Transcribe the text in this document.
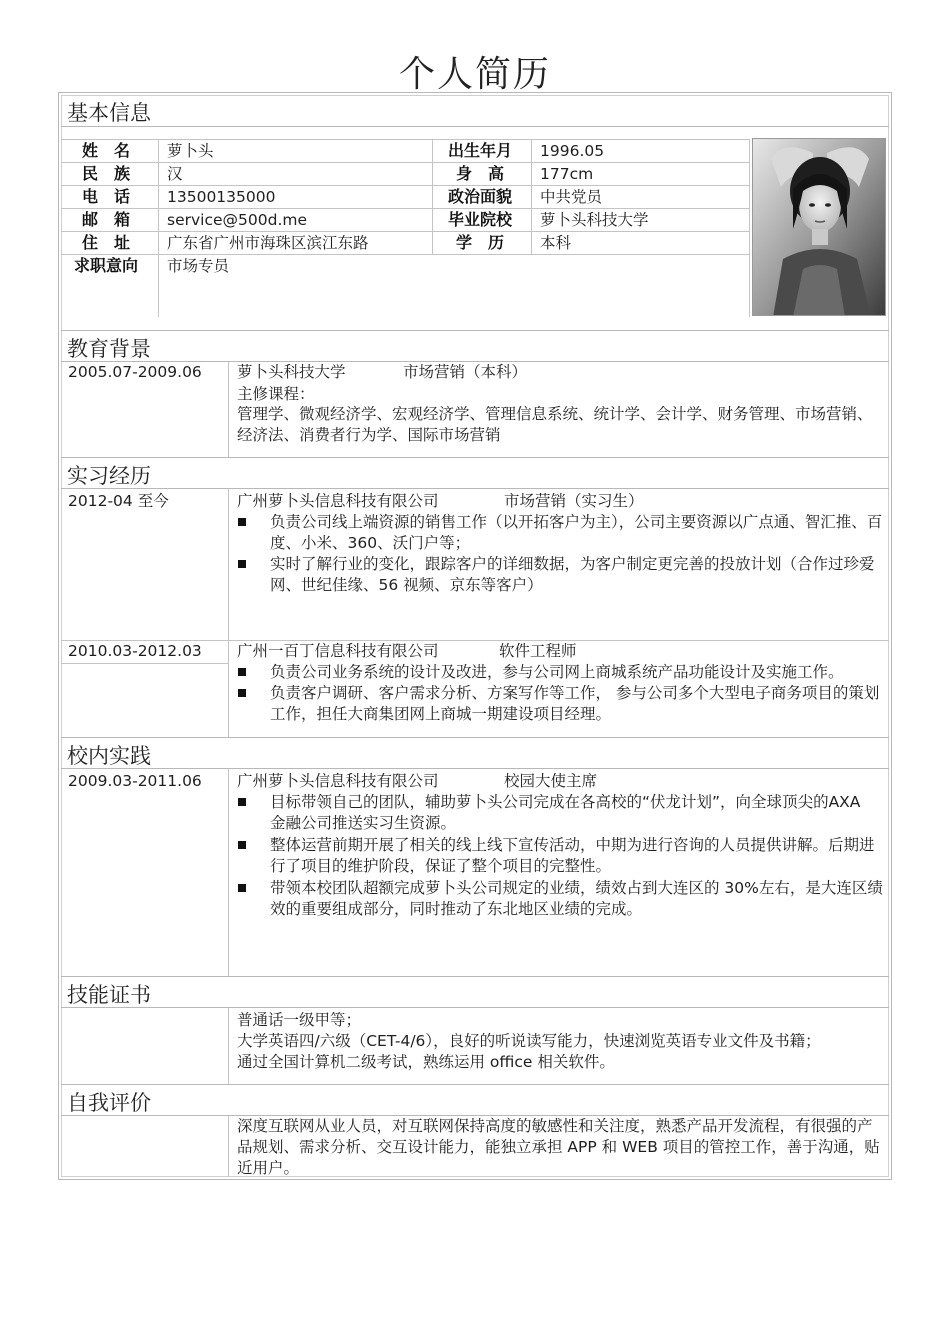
个人简历
基本信息
姓　名 萝卜头	出生年月 1996.05
民　族 汉	身　高 177cm
电　话 13500135000	政治面貌 中共党员
邮　箱 service@500d.me	毕业院校 萝卜头科技大学
住　址 广东省广州市海珠区滨江东路	学　历 本科
求职意向 市场专员
教育背景
2005.07-2009.06 萝卜头科技大学	市场营销（本科）
主修课程：
管理学、微观经济学、宏观经济学、管理信息系统、统计学、会计学、财务管理、市场营销、经济法、消费者行为学、国际市场营销
实习经历
2012-04 至今	广州萝卜头信息科技有限公司	市场营销（实习生）
负责公司线上端资源的销售工作（以开拓客户为主），公司主要资源以广点通、智汇推、百度、小米、360、沃门户等；
实时了解行业的变化，跟踪客户的详细数据，为客户制定更完善的投放计划（合作过珍爱网、世纪佳缘、56 视频、京东等客户）
2010.03-2012.03 广州一百丁信息科技有限公司	软件工程师
负责公司业务系统的设计及改进，参与公司网上商城系统产品功能设计及实施工作。
负责客户调研、客户需求分析、方案写作等工作， 参与公司多个大型电子商务项目的策划工作，担任大商集团网上商城一期建设项目经理。
校内实践
2009.03-2011.06 广州萝卜头信息科技有限公司	校园大使主席
目标带领自己的团队，辅助萝卜头公司完成在各高校的“伏龙计划”，向全球顶尖的AXA 金融公司推送实习生资源。
整体运营前期开展了相关的线上线下宣传活动，中期为进行咨询的人员提供讲解。后期进行了项目的维护阶段，保证了整个项目的完整性。
带领本校团队超额完成萝卜头公司规定的业绩，绩效占到大连区的 30%左右，是大连区绩效的重要组成部分，同时推动了东北地区业绩的完成。
技能证书
普通话一级甲等；
大学英语四/六级（CET-4/6），良好的听说读写能力，快速浏览英语专业文件及书籍；
通过全国计算机二级考试，熟练运用 office 相关软件。
自我评价
深度互联网从业人员，对互联网保持高度的敏感性和关注度，熟悉产品开发流程，有很强的产品规划、需求分析、交互设计能力，能独立承担 APP 和 WEB 项目的管控工作，善于沟通，贴近用户。
